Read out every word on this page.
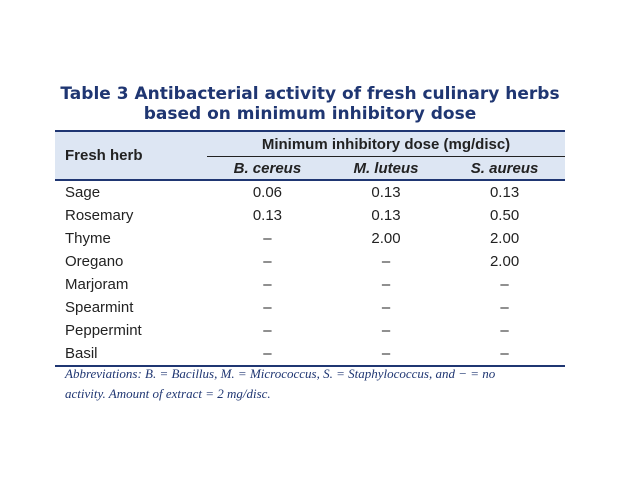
Table 3 Antibacterial activity of fresh culinary herbs
based on minimum inhibitory dose
Fresh herb	Minimum inhibitory dose (mg/disc)		
	B. cereus	M. luteus	S. aureus
Sage	0.06	0.13	0.13
Rosemary	0.13	0.13	0.50
Thyme	–	2.00	2.00
Oregano	–	–	2.00
Marjoram	–	–	–
Spearmint	–	–	–
Peppermint	–	–	–
Basil	–	–	–
Abbreviations: B. = Bacillus, M. = Micrococcus, S. = Staphylococcus, and − = no
activity. Amount of extract = 2 mg/disc.
